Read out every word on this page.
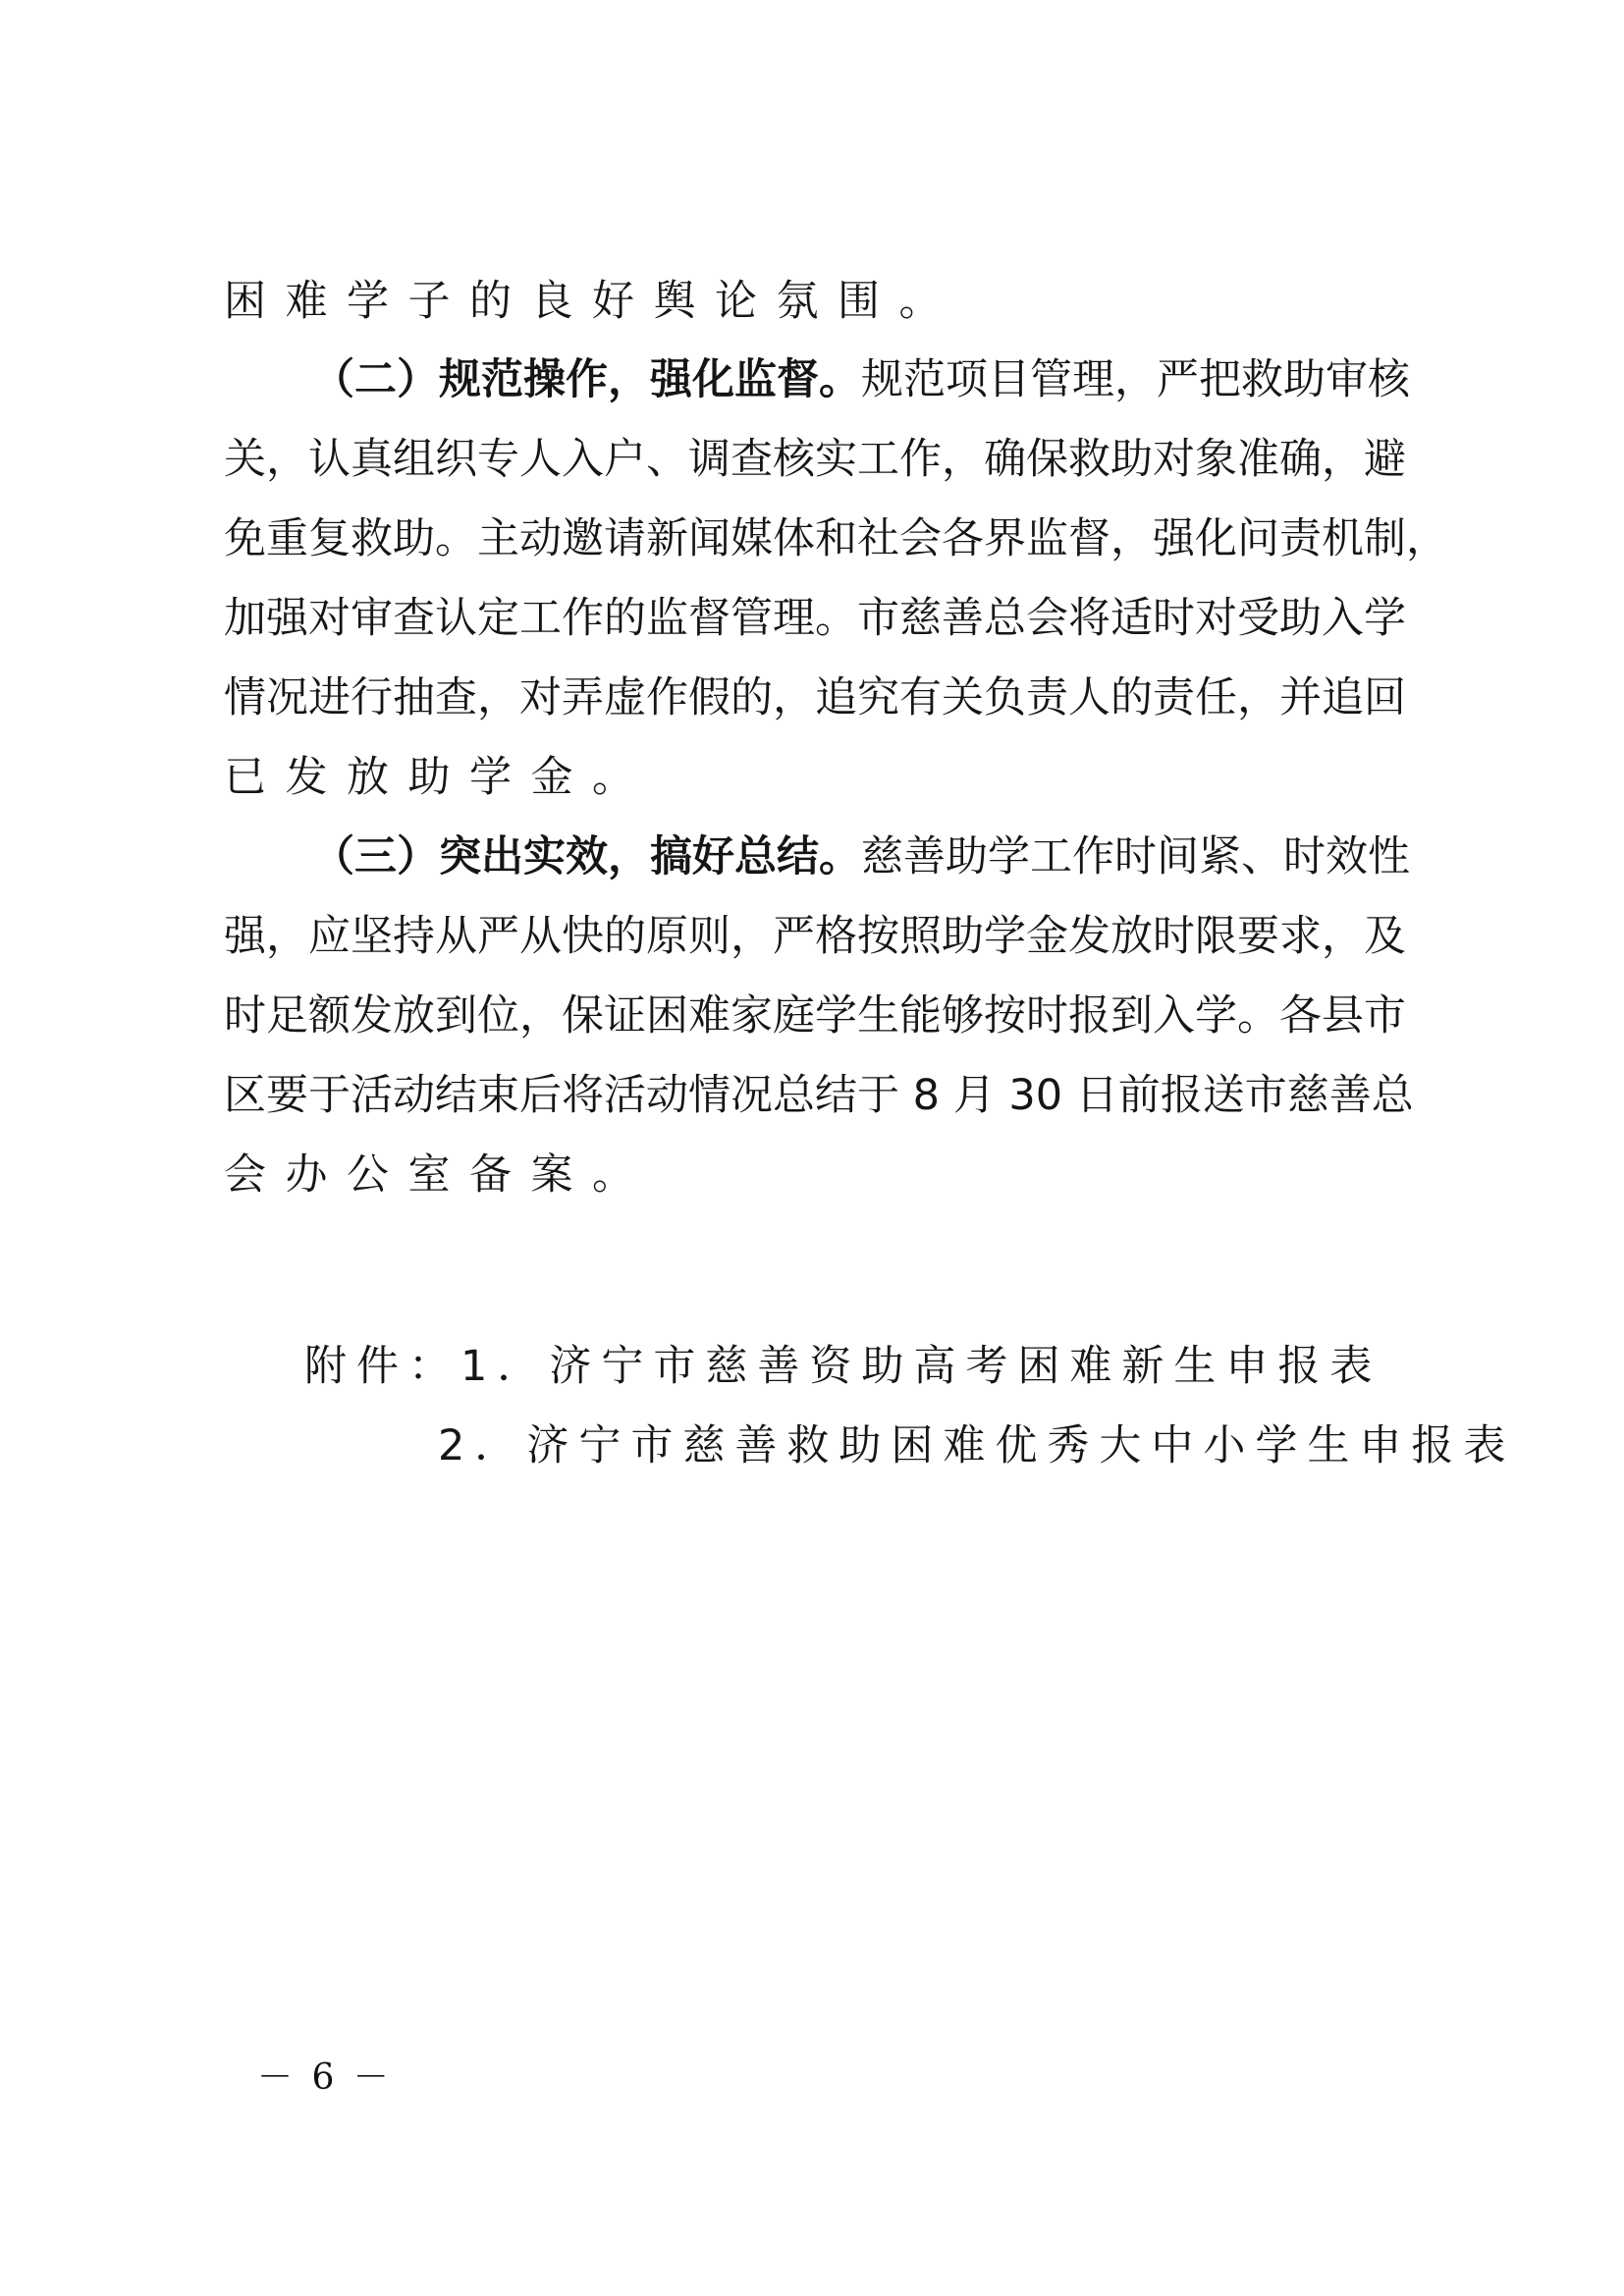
困难学子的良好舆论氛围。
（二）规范操作，强化监督。规范项目管理，严把救助审核
关，认真组织专人入户、调查核实工作，确保救助对象准确，避
免重复救助。主动邀请新闻媒体和社会各界监督，强化问责机制，
加强对审查认定工作的监督管理。市慈善总会将适时对受助入学
情况进行抽查，对弄虚作假的，追究有关负责人的责任，并追回
已发放助学金。
（三）突出实效，搞好总结。慈善助学工作时间紧、时效性
强，应坚持从严从快的原则，严格按照助学金发放时限要求，及
时足额发放到位，保证困难家庭学生能够按时报到入学。各县市
区要于活动结束后将活动情况总结于 8 月 30 日前报送市慈善总
会办公室备案。
附件：1．济宁市慈善资助高考困难新生申报表
2．济宁市慈善救助困难优秀大中小学生申报表
－ 6 －
